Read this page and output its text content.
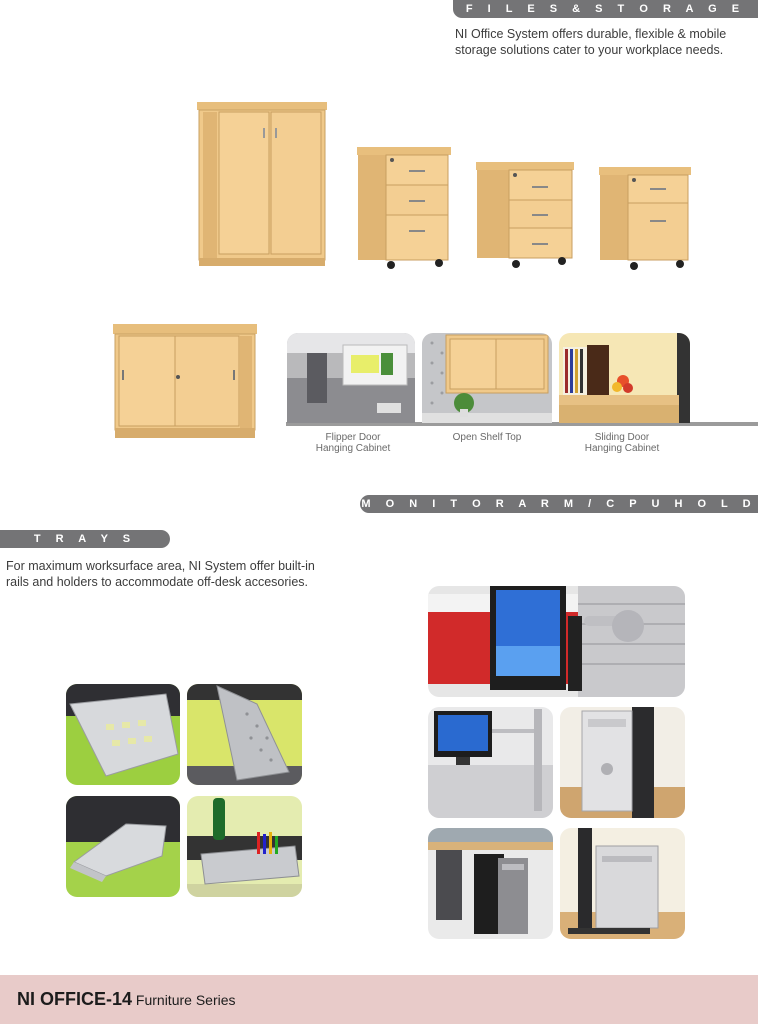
F I L E S & S T O R A G E
NI Office System offers durable, flexible & mobile storage solutions cater to your workplace needs.
Flipper Door
Hanging Cabinet
Open Shelf Top	Sliding Door
Hanging Cabinet
M O N I T O R A R M / C P U H O L D E R S
T R A Y S
For maximum worksurface area, NI System offer built-in rails and holders to accommodate off-desk accesories.
NI OFFICE-14 Furniture Series
